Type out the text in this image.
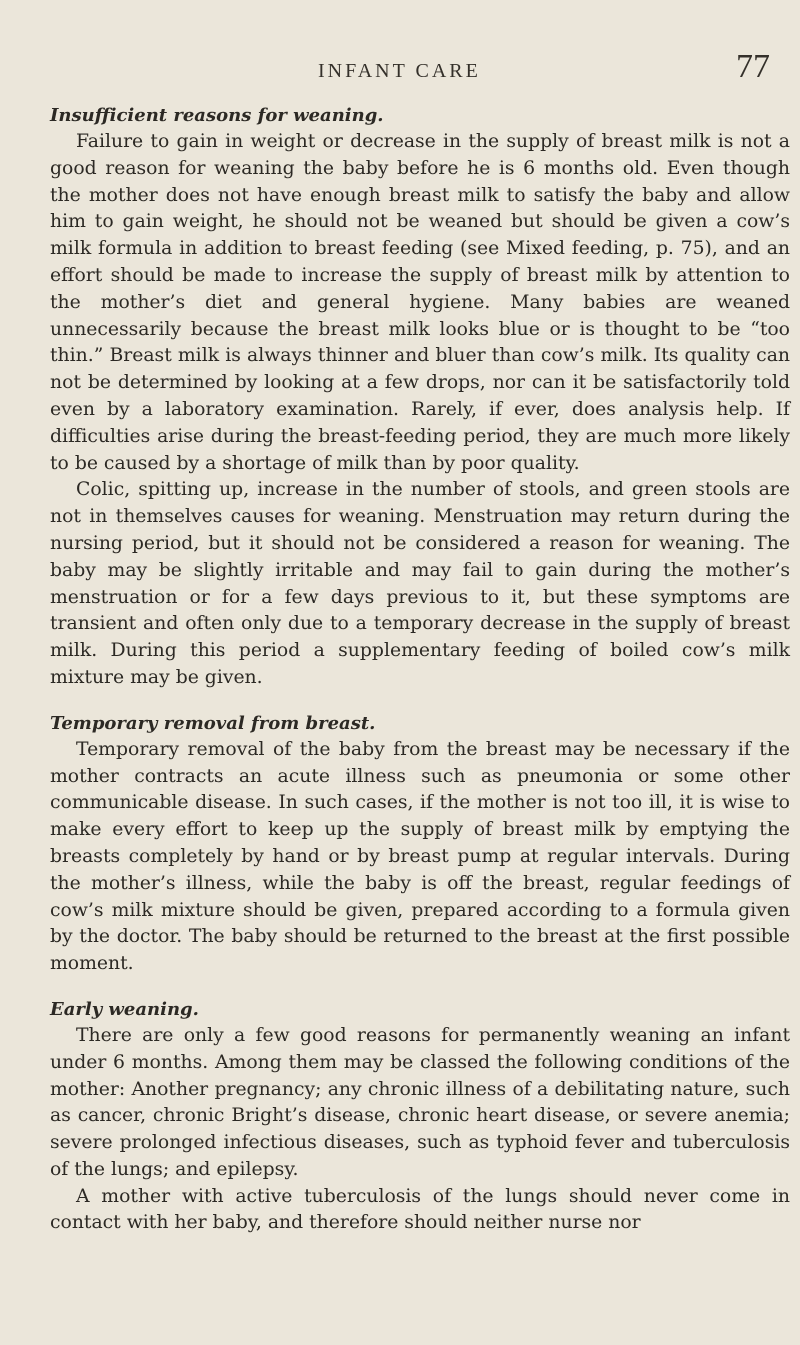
INFANT CARE	77

Insufficient reasons for weaning.

Failure to gain in weight or decrease in the supply of breast milk is not a good reason for weaning the baby before he is 6 months old. Even though the mother does not have enough breast milk to satisfy the baby and allow him to gain weight, he should not be weaned but should be given a cow’s milk formula in addition to breast feeding (see Mixed feeding, p. 75), and an effort should be made to increase the supply of breast milk by attention to the mother’s diet and general hygiene. Many babies are weaned unnecessarily because the breast milk looks blue or is thought to be “too thin.” Breast milk is always thinner and bluer than cow’s milk. Its quality can not be determined by looking at a few drops, nor can it be satisfactorily told even by a laboratory examination. Rarely, if ever, does analysis help. If difficulties arise during the breast-feeding period, they are much more likely to be caused by a shortage of milk than by poor quality.

Colic, spitting up, increase in the number of stools, and green stools are not in themselves causes for weaning. Menstruation may return during the nursing period, but it should not be considered a reason for weaning. The baby may be slightly irritable and may fail to gain during the mother’s menstruation or for a few days previous to it, but these symptoms are transient and often only due to a temporary decrease in the supply of breast milk. During this period a supplementary feeding of boiled cow’s milk mixture may be given.

Temporary removal from breast.

Temporary removal of the baby from the breast may be necessary if the mother contracts an acute illness such as pneumonia or some other communicable disease. In such cases, if the mother is not too ill, it is wise to make every effort to keep up the supply of breast milk by emptying the breasts completely by hand or by breast pump at regular intervals. During the mother’s illness, while the baby is off the breast, regular feedings of cow’s milk mixture should be given, prepared according to a formula given by the doctor. The baby should be returned to the breast at the first possible moment.

Early weaning.

There are only a few good reasons for permanently weaning an infant under 6 months. Among them may be classed the following conditions of the mother: Another pregnancy; any chronic illness of a debilitating nature, such as cancer, chronic Bright’s disease, chronic heart disease, or severe anemia; severe prolonged infectious diseases, such as typhoid fever and tuberculosis of the lungs; and epilepsy.

A mother with active tuberculosis of the lungs should never come in contact with her baby, and therefore should neither nurse nor
